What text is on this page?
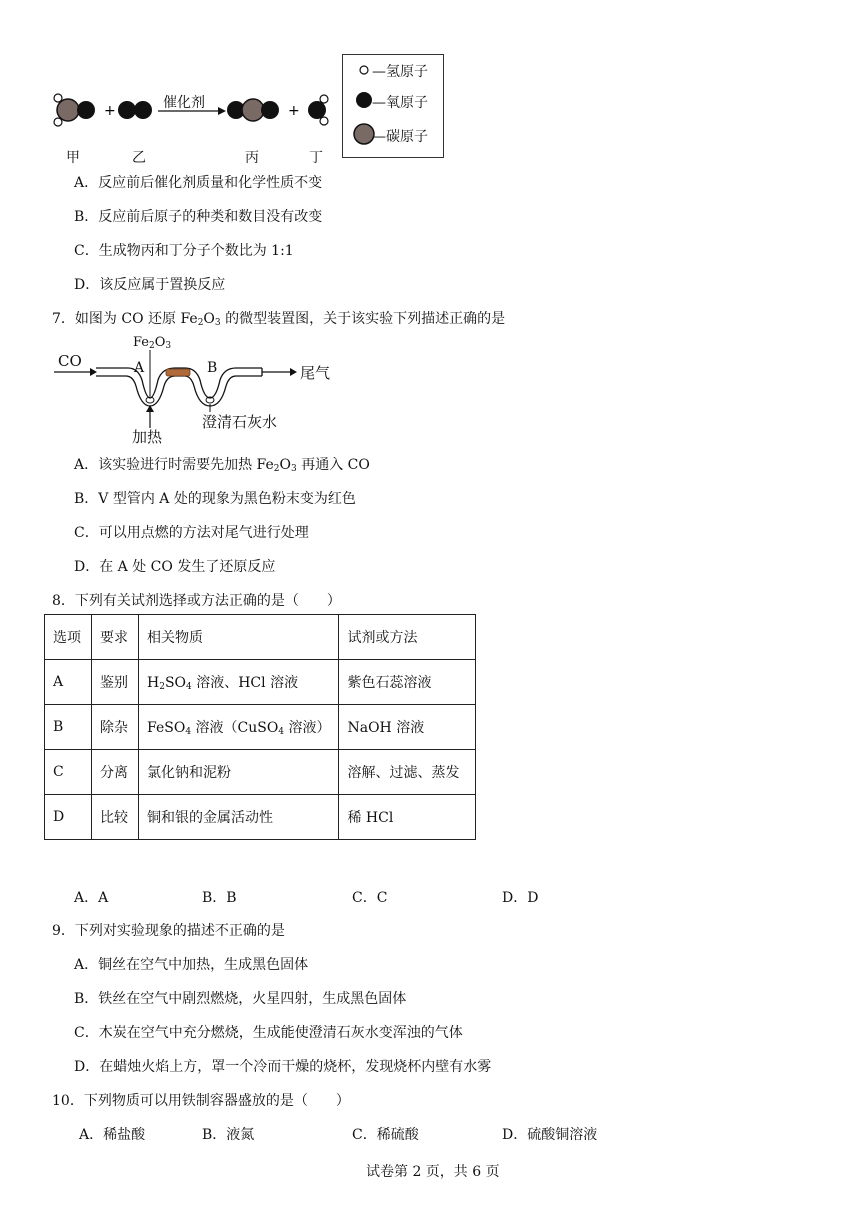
+	+
催化剂
甲	乙	丙	丁
—氢原子
—氧原子
—碳原子
A．反应前后催化剂质量和化学性质不变
B．反应前后原子的种类和数目没有改变
C．生成物丙和丁分子个数比为 1:1
D．该反应属于置换反应
7．如图为 CO 还原 $Fe_2O_3$ 的微型装置图，关于该实验下列描述正确的是
CO
$Fe_2O_3$
A	B	尾气
加热
澄清石灰水
A．该实验进行时需要先加热 $Fe_2O_3$ 再通入 CO
B．V 型管内 A 处的现象为黑色粉末变为红色
C．可以用点燃的方法对尾气进行处理
D．在 A 处 CO 发生了还原反应
8．下列有关试剂选择或方法正确的是（　　）
选项	要求	相关物质	试剂或方法
A	鉴别	$H_2SO_4$ 溶液、HCl 溶液	紫色石蕊溶液
B	除杂	FeSO$_4$ 溶液（CuSO$_4$ 溶液）	NaOH 溶液
C	分离	氯化钠和泥粉	溶解、过滤、蒸发
D	比较	铜和银的金属活动性	稀 HCl
A．A	B．B	C．C	D．D
9．下列对实验现象的描述不正确的是
A．铜丝在空气中加热，生成黑色固体
B．铁丝在空气中剧烈燃烧，火星四射，生成黑色固体
C．木炭在空气中充分燃烧，生成能使澄清石灰水变浑浊的气体
D．在蜡烛火焰上方，罩一个冷而干燥的烧杯，发现烧杯内壁有水雾
10．下列物质可以用铁制容器盛放的是（　　）
A．稀盐酸	B．液氮	C．稀硫酸	D．硫酸铜溶液
试卷第 2 页，共 6 页
